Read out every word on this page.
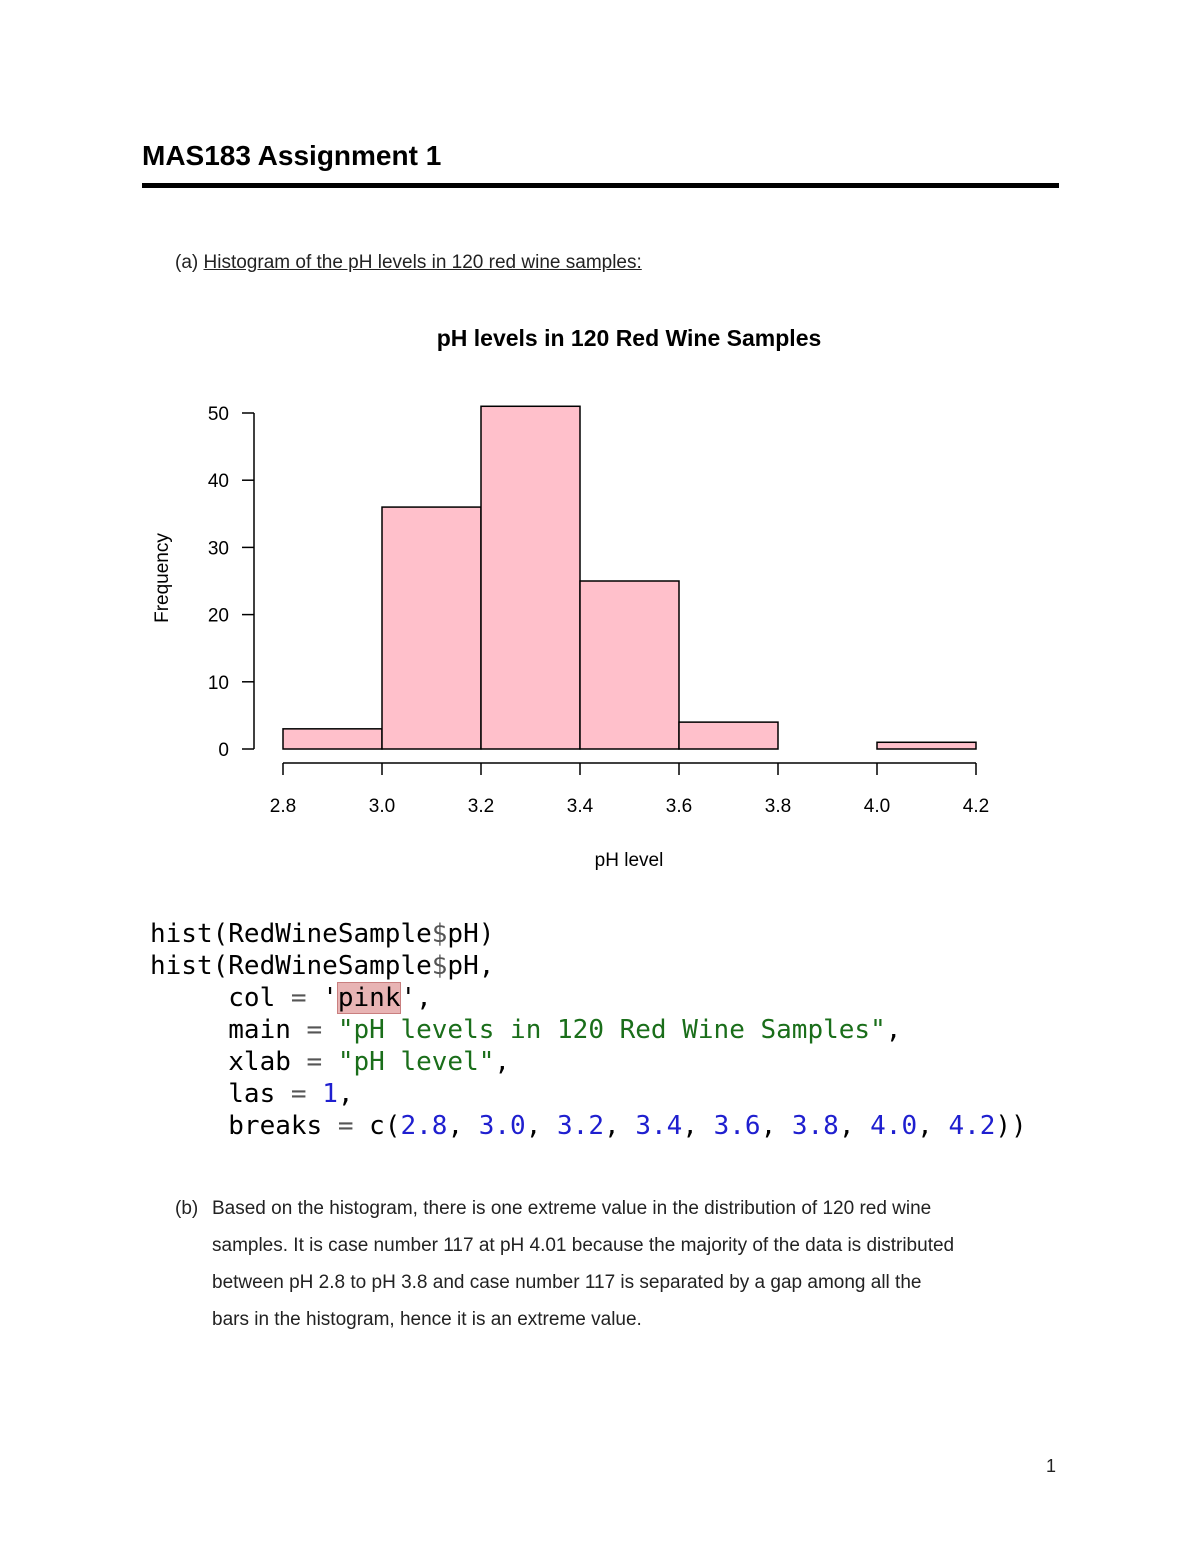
MAS183 Assignment 1
(a) Histogram of the pH levels in 120 red wine samples:
pH levels in 120 Red Wine Samples
Frequency
pH level
0
10
20
30
40
50
2.8	3.0	3.2	3.4	3.6	3.8	4.0	4.2
hist(RedWineSample$pH)
hist(RedWineSample$pH,
col = 'pink',
main = "pH levels in 120 Red Wine Samples",
xlab = "pH level",
las = 1,
breaks = c(2.8, 3.0, 3.2, 3.4, 3.6, 3.8, 4.0, 4.2))
(b) Based on the histogram, there is one extreme value in the distribution of 120 red wine
samples. It is case number 117 at pH 4.01 because the majority of the data is distributed
between pH 2.8 to pH 3.8 and case number 117 is separated by a gap among all the
bars in the histogram, hence it is an extreme value.
1
